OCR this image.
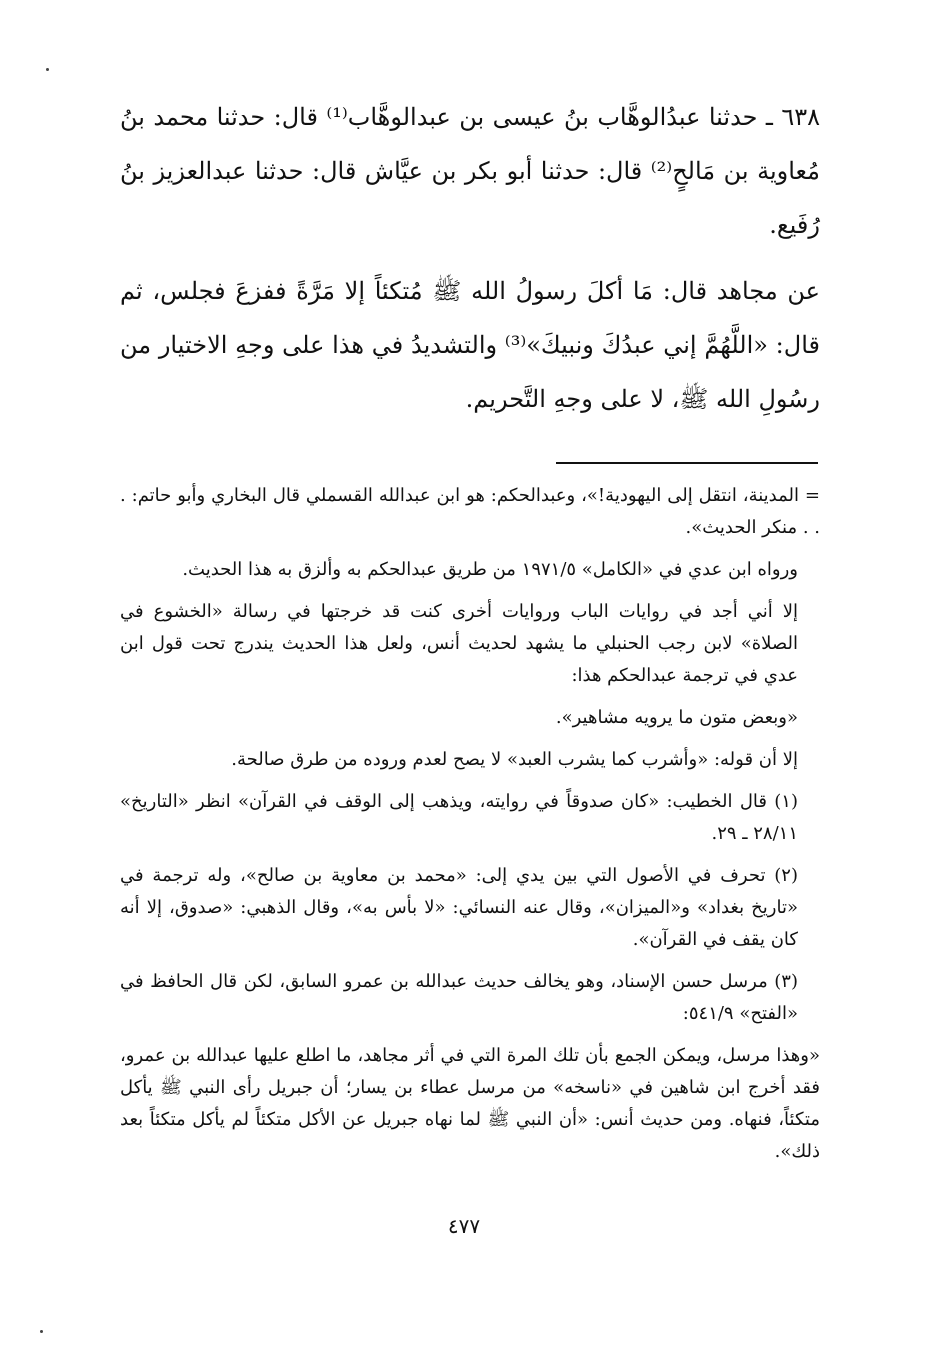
٦٣٨ ـ حدثنا عبدُالوهَّاب بنُ عيسى بن عبدالوهَّاب⁽¹⁾ قال: حدثنا محمد بنُ مُعاوية بن مَالحٍ⁽²⁾ قال: حدثنا أبو بكر بن عيَّاش قال: حدثنا عبدالعزيز بنُ رُفَيع.

عن مجاهد قال: مَا أكلَ رسولُ الله ﷺ مُتكئاً إلا مَرَّةً ففزعَ فجلس، ثم قال: «اللَّهُمَّ إني عبدُكَ ونبيكَ»⁽³⁾ والتشديدُ في هذا على وجهِ الاختيار من رسُولِ الله ﷺ، لا على وجهِ التَّحريم.

= المدينة، انتقل إلى اليهودية!»، وعبدالحكم: هو ابن عبدالله القسملي قال البخاري وأبو حاتم: . . . منكر الحديث».

ورواه ابن عدي في «الكامل» ١٩٧١/٥ من طريق عبدالحكم به وألزق به هذا الحديث.

إلا أني أجد في روايات الباب وروايات أخرى كنت قد خرجتها في رسالة «الخشوع في الصلاة» لابن رجب الحنبلي ما يشهد لحديث أنس، ولعل هذا الحديث يندرج تحت قول ابن عدي في ترجمة عبدالحكم هذا:

«وبعض متون ما يرويه مشاهير».

إلا أن قوله: «وأشرب كما يشرب العبد» لا يصح لعدم وروده من طرق صالحة.

(١) قال الخطيب: «كان صدوقاً في روايته، ويذهب إلى الوقف في القرآن» انظر «التاريخ» ٢٨/١١ ـ ٢٩.

(٢) تحرف في الأصول التي بين يدي إلى: «محمد بن معاوية بن صالح»، وله ترجمة في «تاريخ بغداد» و«الميزان»، وقال عنه النسائي: «لا بأس به»، وقال الذهبي: «صدوق، إلا أنه كان يقف في القرآن».

(٣) مرسل حسن الإسناد، وهو يخالف حديث عبدالله بن عمرو السابق، لكن قال الحافظ في «الفتح» ٥٤١/٩:

«وهذا مرسل، ويمكن الجمع بأن تلك المرة التي في أثر مجاهد، ما اطلع عليها عبدالله بن عمرو، فقد أخرج ابن شاهين في «ناسخه» من مرسل عطاء بن يسار؛ أن جبريل رأى النبي ﷺ يأكل متكئاً، فنهاه. ومن حديث أنس: «أن النبي ﷺ لما نهاه جبريل عن الأكل متكئاً لم يأكل متكئاً بعد ذلك».

٤٧٧
